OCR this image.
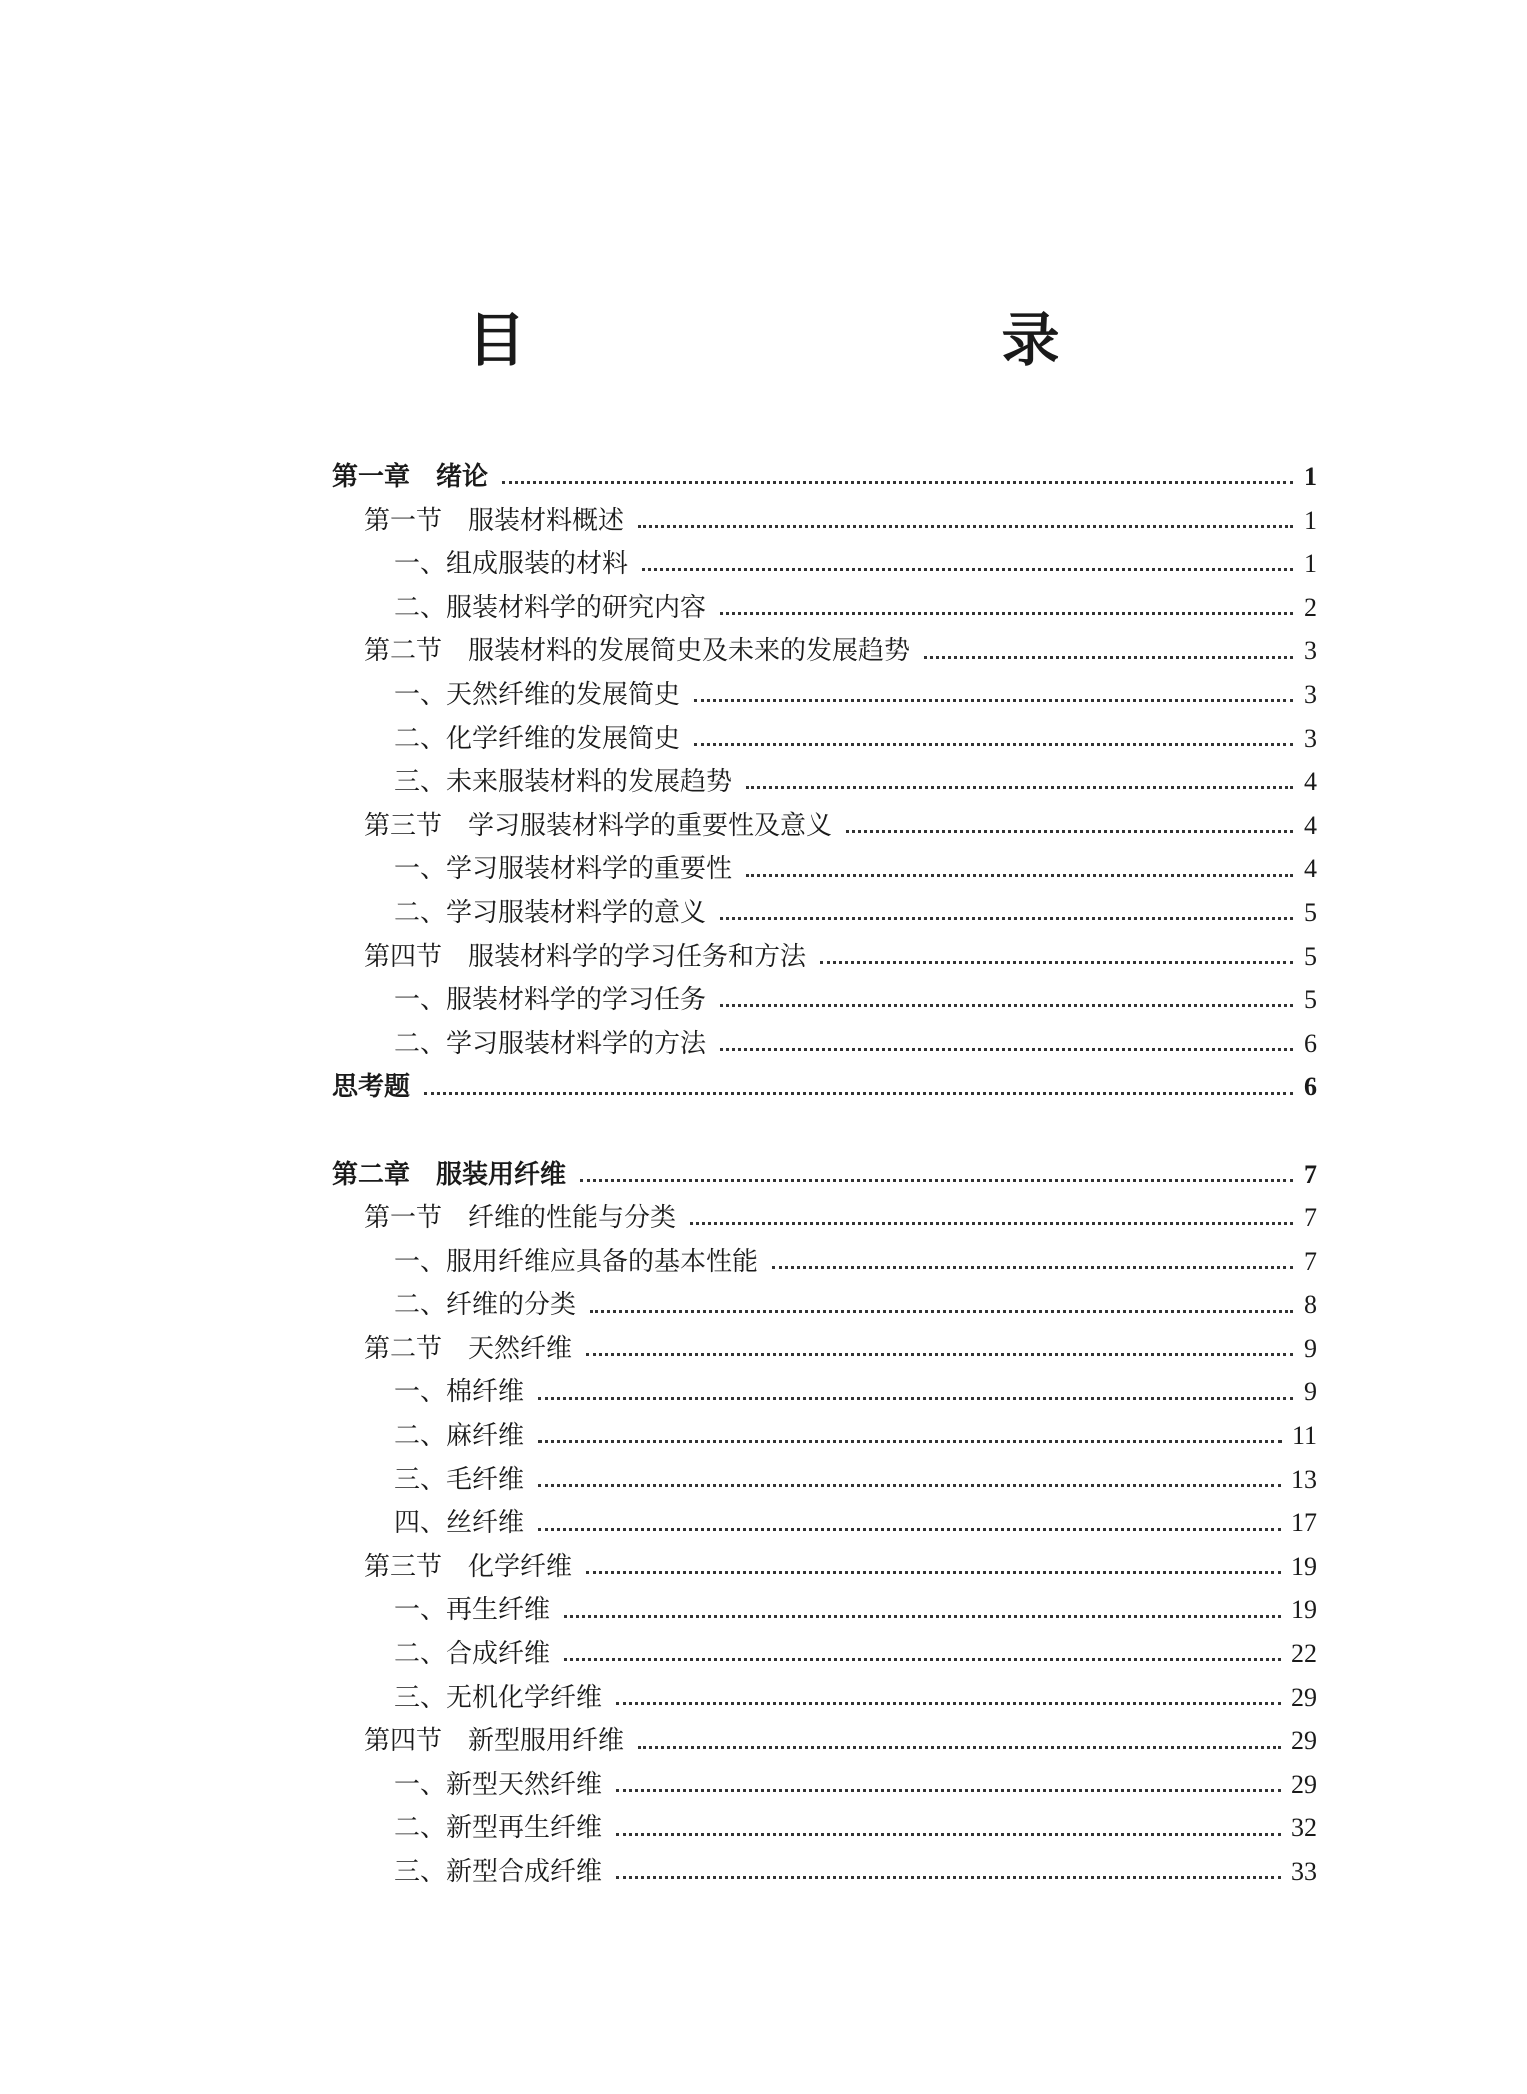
目　　录
第一章　绪论	1
第一节　服装材料概述	1
一、组成服装的材料	1
二、服装材料学的研究内容	2
第二节　服装材料的发展简史及未来的发展趋势	3
一、天然纤维的发展简史	3
二、化学纤维的发展简史	3
三、未来服装材料的发展趋势	4
第三节　学习服装材料学的重要性及意义	4
一、学习服装材料学的重要性	4
二、学习服装材料学的意义	5
第四节　服装材料学的学习任务和方法	5
一、服装材料学的学习任务	5
二、学习服装材料学的方法	6
思考题	6
第二章　服装用纤维	7
第一节　纤维的性能与分类	7
一、服用纤维应具备的基本性能	7
二、纤维的分类	8
第二节　天然纤维	9
一、棉纤维	9
二、麻纤维	11
三、毛纤维	13
四、丝纤维	17
第三节　化学纤维	19
一、再生纤维	19
二、合成纤维	22
三、无机化学纤维	29
第四节　新型服用纤维	29
一、新型天然纤维	29
二、新型再生纤维	32
三、新型合成纤维	33
